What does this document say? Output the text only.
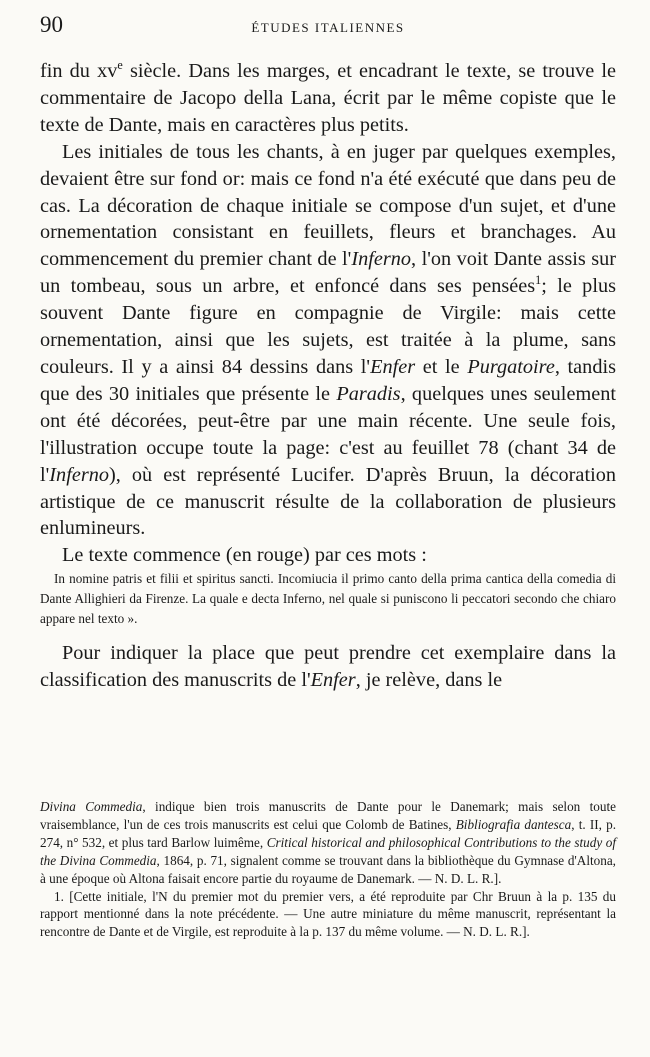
90	ÉTUDES ITALIENNES

fin du $xv^e$ siècle. Dans les marges, et encadrant le texte, se trouve le commentaire de Jacopo della Lana, écrit par le même copiste que le texte de Dante, mais en caractères plus petits.

Les initiales de tous les chants, à en juger par quelques exemples, devaient être sur fond or: mais ce fond n'a été exécuté que dans peu de cas. La décoration de chaque initiale se compose d'un sujet, et d'une ornementation consistant en feuillets, fleurs et branchages. Au commencement du premier chant de l'Inferno, l'on voit Dante assis sur un tombeau, sous un arbre, et enfoncé dans ses pensées$^1$; le plus souvent Dante figure en compagnie de Virgile: mais cette ornementation, ainsi que les sujets, est traitée à la plume, sans couleurs. Il y a ainsi 84 dessins dans l'Enfer et le Purgatoire, tandis que des 30 initiales que présente le Paradis, quelques unes seulement ont été décorées, peut-être par une main récente. Une seule fois, l'illustration occupe toute la page: c'est au feuillet 78 (chant 34 de l'Inferno), où est représenté Lucifer. D'après Bruun, la décoration artistique de ce manuscrit résulte de la collaboration de plusieurs enlumineurs.

Le texte commence (en rouge) par ces mots :

In nomine patris et filii et spiritus sancti. Incomiucia il primo canto della prima cantica della comedia di Dante Allighieri da Firenze. La quale e decta Inferno, nel quale si puniscono li peccatori secondo che chiaro appare nel texto ».

Pour indiquer la place que peut prendre cet exemplaire dans la classification des manuscrits de l'Enfer, je relève, dans le

Divina Commedia, indique bien trois manuscrits de Dante pour le Danemark; mais selon toute vraisemblance, l'un de ces trois manuscrits est celui que Colomb de Batines, Bibliografia dantesca, t. II, p. 274, n° 532, et plus tard Barlow luimême, Critical historical and philosophical Contributions to the study of the Divina Commedia, 1864, p. 71, signalent comme se trouvant dans la bibliothèque du Gymnase d'Altona, à une époque où Altona faisait encore partie du royaume de Danemark. — N. D. L. R.].

1. [Cette initiale, l'N du premier mot du premier vers, a été reproduite par Chr Bruun à la p. 135 du rapport mentionné dans la note précédente. — Une autre miniature du même manuscrit, représentant la rencontre de Dante et de Virgile, est reproduite à la p. 137 du même volume. — N. D. L. R.].
